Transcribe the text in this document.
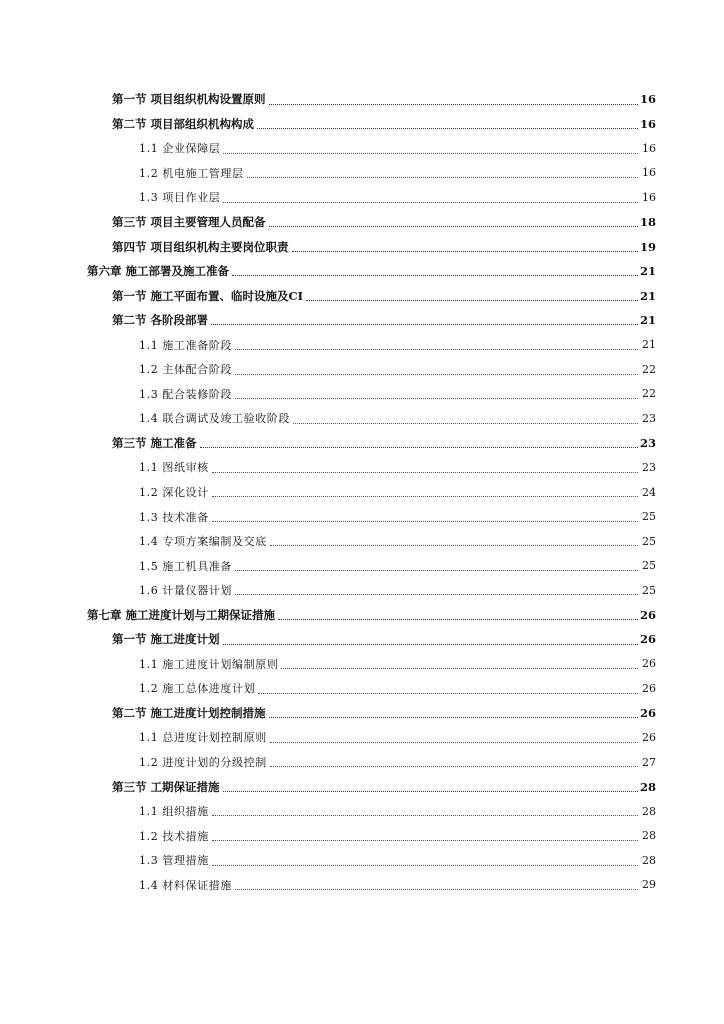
第一节 项目组织机构设置原则	16
第二节 项目部组织机构构成	16
1.1 企业保障层	16
1.2 机电施工管理层	16
1.3 项目作业层	16
第三节 项目主要管理人员配备	18
第四节 项目组织机构主要岗位职责	19
第六章 施工部署及施工准备	21
第一节 施工平面布置、临时设施及CI	21
第二节 各阶段部署	21
1.1 施工准备阶段	21
1.2 主体配合阶段	22
1.3 配合装修阶段	22
1.4 联合调试及竣工验收阶段	23
第三节 施工准备	23
1.1 图纸审核	23
1.2 深化设计	24
1.3 技术准备	25
1.4 专项方案编制及交底	25
1.5 施工机具准备	25
1.6 计量仪器计划	25
第七章 施工进度计划与工期保证措施	26
第一节 施工进度计划	26
1.1 施工进度计划编制原则	26
1.2 施工总体进度计划	26
第二节 施工进度计划控制措施	26
1.1 总进度计划控制原则	26
1.2 进度计划的分级控制	27
第三节 工期保证措施	28
1.1 组织措施	28
1.2 技术措施	28
1.3 管理措施	28
1.4 材料保证措施	29
